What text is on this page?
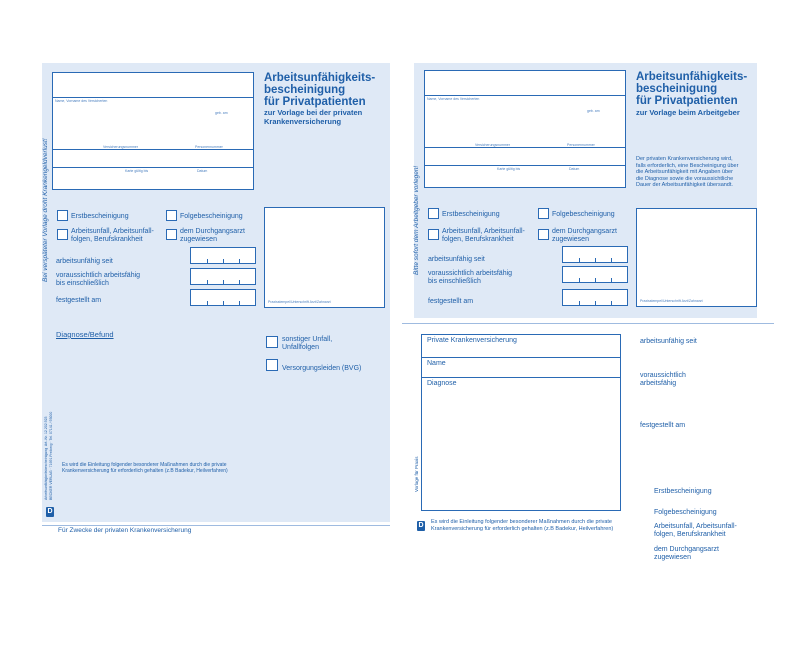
Name, Vorname des Versicherten
geb. am
Versicherungsnummer	Personennummer
Karte gültig bis	Datum
Arbeitsunfähigkeits-
bescheinigung
für Privatpatienten
zur Vorlage bei der privaten
Krankenversicherung
Bei verspäteter Vorlage droht Krankengeldverlust!	Erstbescheinigung	Folgebescheinigung
Arbeitsunfall, Arbeitsunfall-
folgen, Berufskrankheit
dem Durchgangsarzt
zugewiesen
arbeitsunfähig seit
voraussichtlich arbeitsfähig
bis einschließlich
festgestellt am	Praxisstempel/Unterschrift Arzt/Zahnarzt
Diagnose/Befund
sonstiger Unfall,
Unfallfolgen
Versorgungsleiden (BVG)
Arbeitsunfähigkeitsbescheinigung  Art.-Nr. 12.202.923
BECKER VERLAG · 71691 Freiberg · Tel. 07141 / 93000
Es wird die Einleitung folgender besonderer Maßnahmen durch die private
Krankenversicherung für erforderlich gehalten (z.B Badekur, Heilverfahren)
D
Für Zwecke der privaten Krankenversicherung
Name, Vorname des Versicherten
geb. am
Versicherungsnummer	Personennummer
Karte gültig bis	Datum
Arbeitsunfähigkeits-
bescheinigung
für Privatpatienten
zur Vorlage beim Arbeitgeber
Der privaten Krankenversicherung wird,
falls erforderlich, eine Bescheinigung über
die Arbeitsunfähigkeit mit Angaben über
die Diagnose sowie die voraussichtliche
Dauer der Arbeitsunfähigkeit übersandt.
Bitte sofort dem Arbeitgeber vorlegen!	Erstbescheinigung	Folgebescheinigung
Arbeitsunfall, Arbeitsunfall-
folgen, Berufskrankheit
dem Durchgangsarzt
zugewiesen
arbeitsunfähig seit
voraussichtlich arbeitsfähig
bis einschließlich
festgestellt am	Praxisstempel/Unterschrift Arzt/Zahnarzt
Private Krankenversicherung
Name
Diagnose
Vorlage für Praxis
Es wird die Einleitung folgender besonderer Maßnahmen durch die private
Krankenversicherung für erforderlich gehalten (z.B Badekur, Heilverfahren)
D
arbeitsunfähig seit
voraussichtlich
arbeitsfähig
festgestellt am
Erstbescheinigung
Folgebescheinigung
Arbeitsunfall, Arbeitsunfall-
folgen, Berufskrankheit
dem Durchgangsarzt
zugewiesen
